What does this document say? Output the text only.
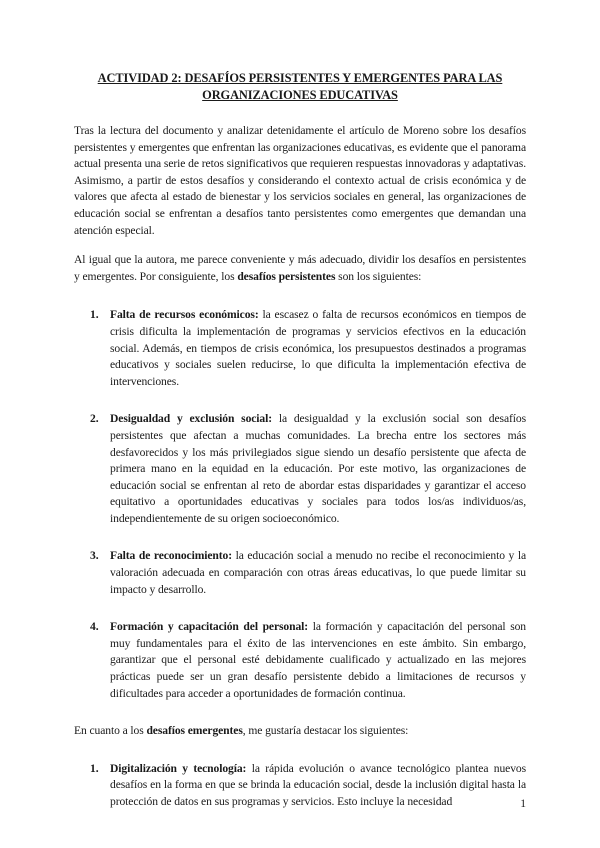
ACTIVIDAD 2: DESAFÍOS PERSISTENTES Y EMERGENTES PARA LAS ORGANIZACIONES EDUCATIVAS

Tras la lectura del documento y analizar detenidamente el artículo de Moreno sobre los desafíos persistentes y emergentes que enfrentan las organizaciones educativas, es evidente que el panorama actual presenta una serie de retos significativos que requieren respuestas innovadoras y adaptativas. Asimismo, a partir de estos desafíos y considerando el contexto actual de crisis económica y de valores que afecta al estado de bienestar y los servicios sociales en general, las organizaciones de educación social se enfrentan a desafíos tanto persistentes como emergentes que demandan una atención especial.

Al igual que la autora, me parece conveniente y más adecuado, dividir los desafíos en persistentes y emergentes. Por consiguiente, los desafíos persistentes son los siguientes:

1. Falta de recursos económicos: la escasez o falta de recursos económicos en tiempos de crisis dificulta la implementación de programas y servicios efectivos en la educación social. Además, en tiempos de crisis económica, los presupuestos destinados a programas educativos y sociales suelen reducirse, lo que dificulta la implementación efectiva de intervenciones.

2. Desigualdad y exclusión social: la desigualdad y la exclusión social son desafíos persistentes que afectan a muchas comunidades. La brecha entre los sectores más desfavorecidos y los más privilegiados sigue siendo un desafío persistente que afecta de primera mano en la equidad en la educación. Por este motivo, las organizaciones de educación social se enfrentan al reto de abordar estas disparidades y garantizar el acceso equitativo a oportunidades educativas y sociales para todos los/as individuos/as, independientemente de su origen socioeconómico.

3. Falta de reconocimiento: la educación social a menudo no recibe el reconocimiento y la valoración adecuada en comparación con otras áreas educativas, lo que puede limitar su impacto y desarrollo.

4. Formación y capacitación del personal: la formación y capacitación del personal son muy fundamentales para el éxito de las intervenciones en este ámbito. Sin embargo, garantizar que el personal esté debidamente cualificado y actualizado en las mejores prácticas puede ser un gran desafío persistente debido a limitaciones de recursos y dificultades para acceder a oportunidades de formación continua.

En cuanto a los desafíos emergentes, me gustaría destacar los siguientes:

1. Digitalización y tecnología: la rápida evolución o avance tecnológico plantea nuevos desafíos en la forma en que se brinda la educación social, desde la inclusión digital hasta la protección de datos en sus programas y servicios. Esto incluye la necesidad	1
